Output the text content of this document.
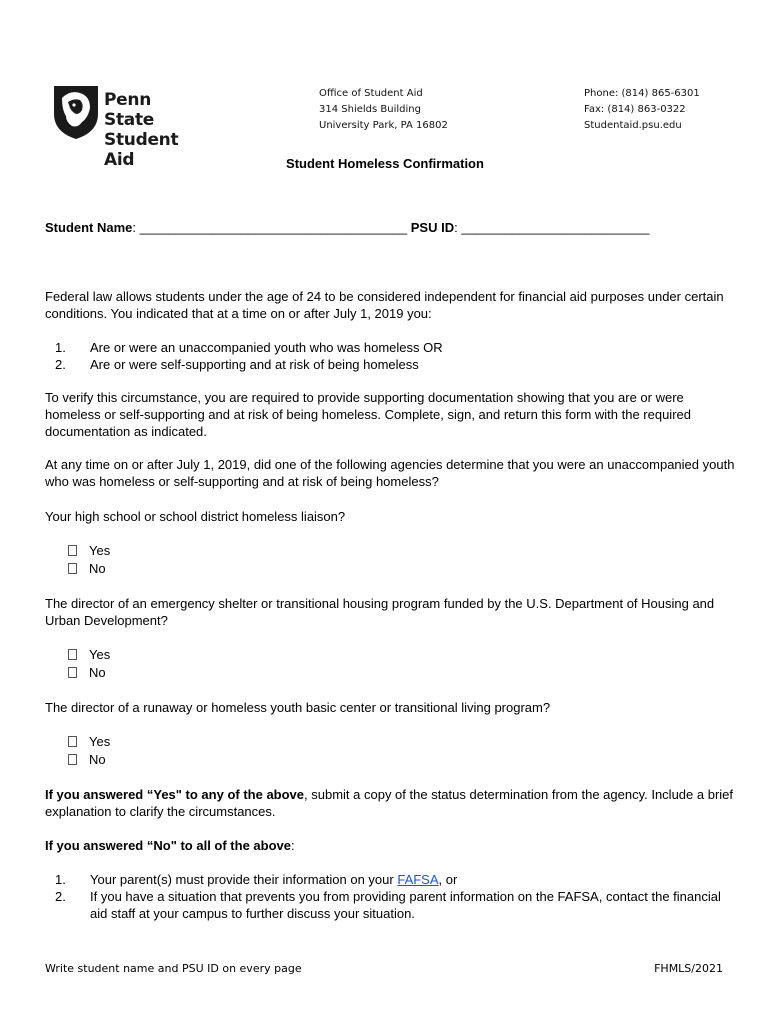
Penn State
Student Aid
Office of Student Aid
314 Shields Building
University Park, PA 16802
Phone: (814) 865-6301
Fax: (814) 863-0322
Studentaid.psu.edu
Student Homeless Confirmation
Student Name: _____________________________________ PSU ID: __________________________
Federal law allows students under the age of 24 to be considered independent for financial aid purposes under certain conditions. You indicated that at a time on or after July 1, 2019 you:
1. Are or were an unaccompanied youth who was homeless OR
2. Are or were self-supporting and at risk of being homeless
To verify this circumstance, you are required to provide supporting documentation showing that you are or were homeless or self-supporting and at risk of being homeless. Complete, sign, and return this form with the required documentation as indicated.
At any time on or after July 1, 2019, did one of the following agencies determine that you were an unaccompanied youth who was homeless or self-supporting and at risk of being homeless?
Your high school or school district homeless liaison?
Yes
No
The director of an emergency shelter or transitional housing program funded by the U.S. Department of Housing and Urban Development?
Yes
No
The director of a runaway or homeless youth basic center or transitional living program?
Yes
No
If you answered “Yes" to any of the above, submit a copy of the status determination from the agency. Include a brief explanation to clarify the circumstances.
If you answered “No" to all of the above:
1. Your parent(s) must provide their information on your FAFSA, or
2. If you have a situation that prevents you from providing parent information on the FAFSA, contact the financial aid staff at your campus to further discuss your situation.
Write student name and PSU ID on every page	FHMLS/2021
